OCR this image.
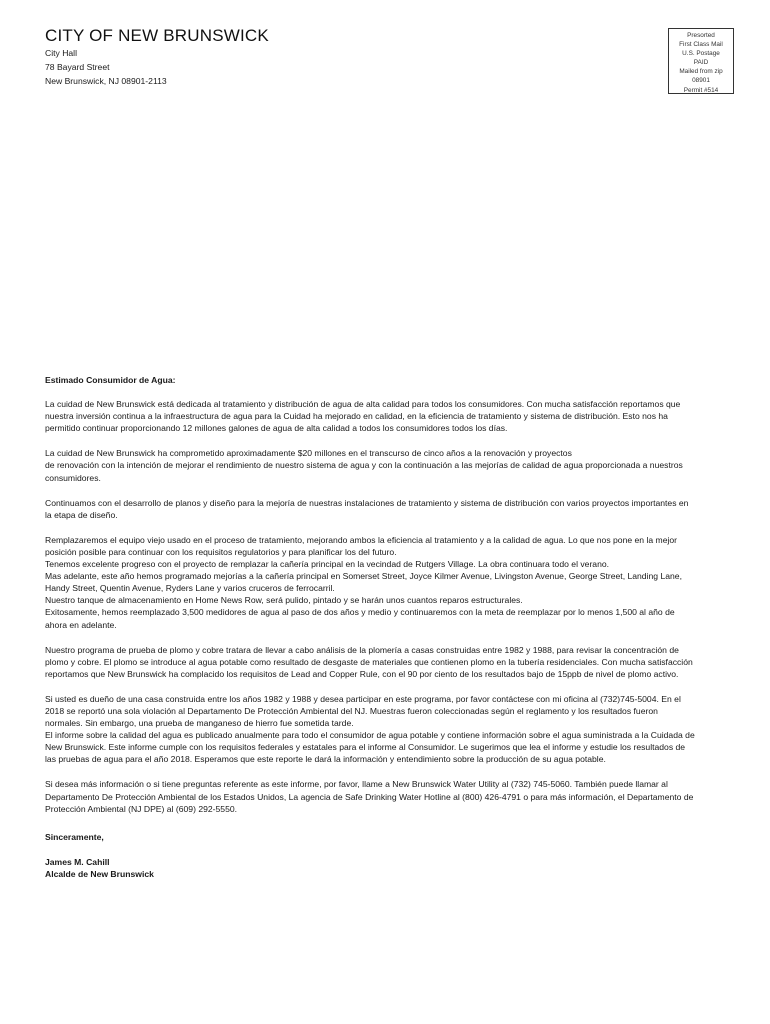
CITY OF NEW BRUNSWICK
City Hall
78 Bayard Street
New Brunswick, NJ 08901-2113
Presorted
First Class Mail
U.S. Postage
PAID
Mailed from zip
08901
Permit #514

Estimado Consumidor de Agua:

La cuidad de New Brunswick está dedicada al tratamiento y distribución de agua de alta calidad para todos los consumidores. Con mucha satisfacción reportamos que nuestra inversión continua a la infraestructura de agua para la Cuidad ha mejorado en calidad, en la eficiencia de tratamiento y sistema de distribución. Esto nos ha permitido continuar proporcionando 12 millones galones de agua de alta calidad a todos los consumidores todos los días.

La cuidad de New Brunswick ha comprometido aproximadamente $20 millones en el transcurso de cinco años a la renovación y proyectos
de renovación con la intención de mejorar el rendimiento de nuestro sistema de agua y con la continuación a las mejorías de calidad de agua proporcionada a nuestros consumidores.

Continuamos con el desarrollo de planos y diseño para la mejoría de nuestras instalaciones de tratamiento y sistema de distribución con varios proyectos importantes en la etapa de diseño.

Remplazaremos el equipo viejo usado en el proceso de tratamiento, mejorando ambos la eficiencia al tratamiento y a la calidad de agua. Lo que nos pone en la mejor posición posible para continuar con los requisitos regulatorios y para planificar los del futuro.
Tenemos excelente progreso con el proyecto de remplazar la cañería principal en la vecindad de Rutgers Village. La obra continuara todo el verano.
Mas adelante, este año hemos programado mejorías a la cañería principal en Somerset Street, Joyce Kilmer Avenue, Livingston Avenue, George Street, Landing Lane, Handy Street, Quentin Avenue, Ryders Lane y varios cruceros de ferrocarril.
Nuestro tanque de almacenamiento en Home News Row, será pulido, pintado y se harán unos cuantos reparos estructurales.
Exitosamente, hemos reemplazado 3,500 medidores de agua al paso de dos años y medio y continuaremos con la meta de reemplazar por lo menos 1,500 al año de ahora en adelante.

Nuestro programa de prueba de plomo y cobre tratara de llevar a cabo análisis de la plomería a casas construidas entre 1982 y 1988, para revisar la concentración de plomo y cobre. El plomo se introduce al agua potable como resultado de desgaste de materiales que contienen plomo en la tubería residenciales. Con mucha satisfacción reportamos que New Brunswick ha complacido los requisitos de Lead and Copper Rule, con el 90 por ciento de los resultados bajo de 15ppb de nivel de plomo activo.

Si usted es dueño de una casa construida entre los años 1982 y 1988 y desea participar en este programa, por favor contáctese con mi oficina al (732)745-5004. En el 2018 se reportó una sola violación al Departamento De Protección Ambiental del NJ. Muestras fueron coleccionadas según el reglamento y los resultados fueron normales. Sin embargo, una prueba de manganeso de hierro fue sometida tarde.
El informe sobre la calidad del agua es publicado anualmente para todo el consumidor de agua potable y contiene información sobre el agua suministrada a la Cuidada de New Brunswick. Este informe cumple con los requisitos federales y estatales para el informe al Consumidor. Le sugerimos que lea el informe y estudie los resultados de las pruebas de agua para el año 2018. Esperamos que este reporte le dará la información y entendimiento sobre la producción de su agua potable.

Si desea más información o si tiene preguntas referente as este informe, por favor, llame a New Brunswick Water Utility al (732) 745-5060. También puede llamar al Departamento De Protección Ambiental de los Estados Unidos, La agencia de Safe Drinking Water Hotline al (800) 426-4791 o para más información, el Departamento de Protección Ambiental (NJ DPE) al (609) 292-5550.

Sinceramente,

James M. Cahill
Alcalde de New Brunswick
